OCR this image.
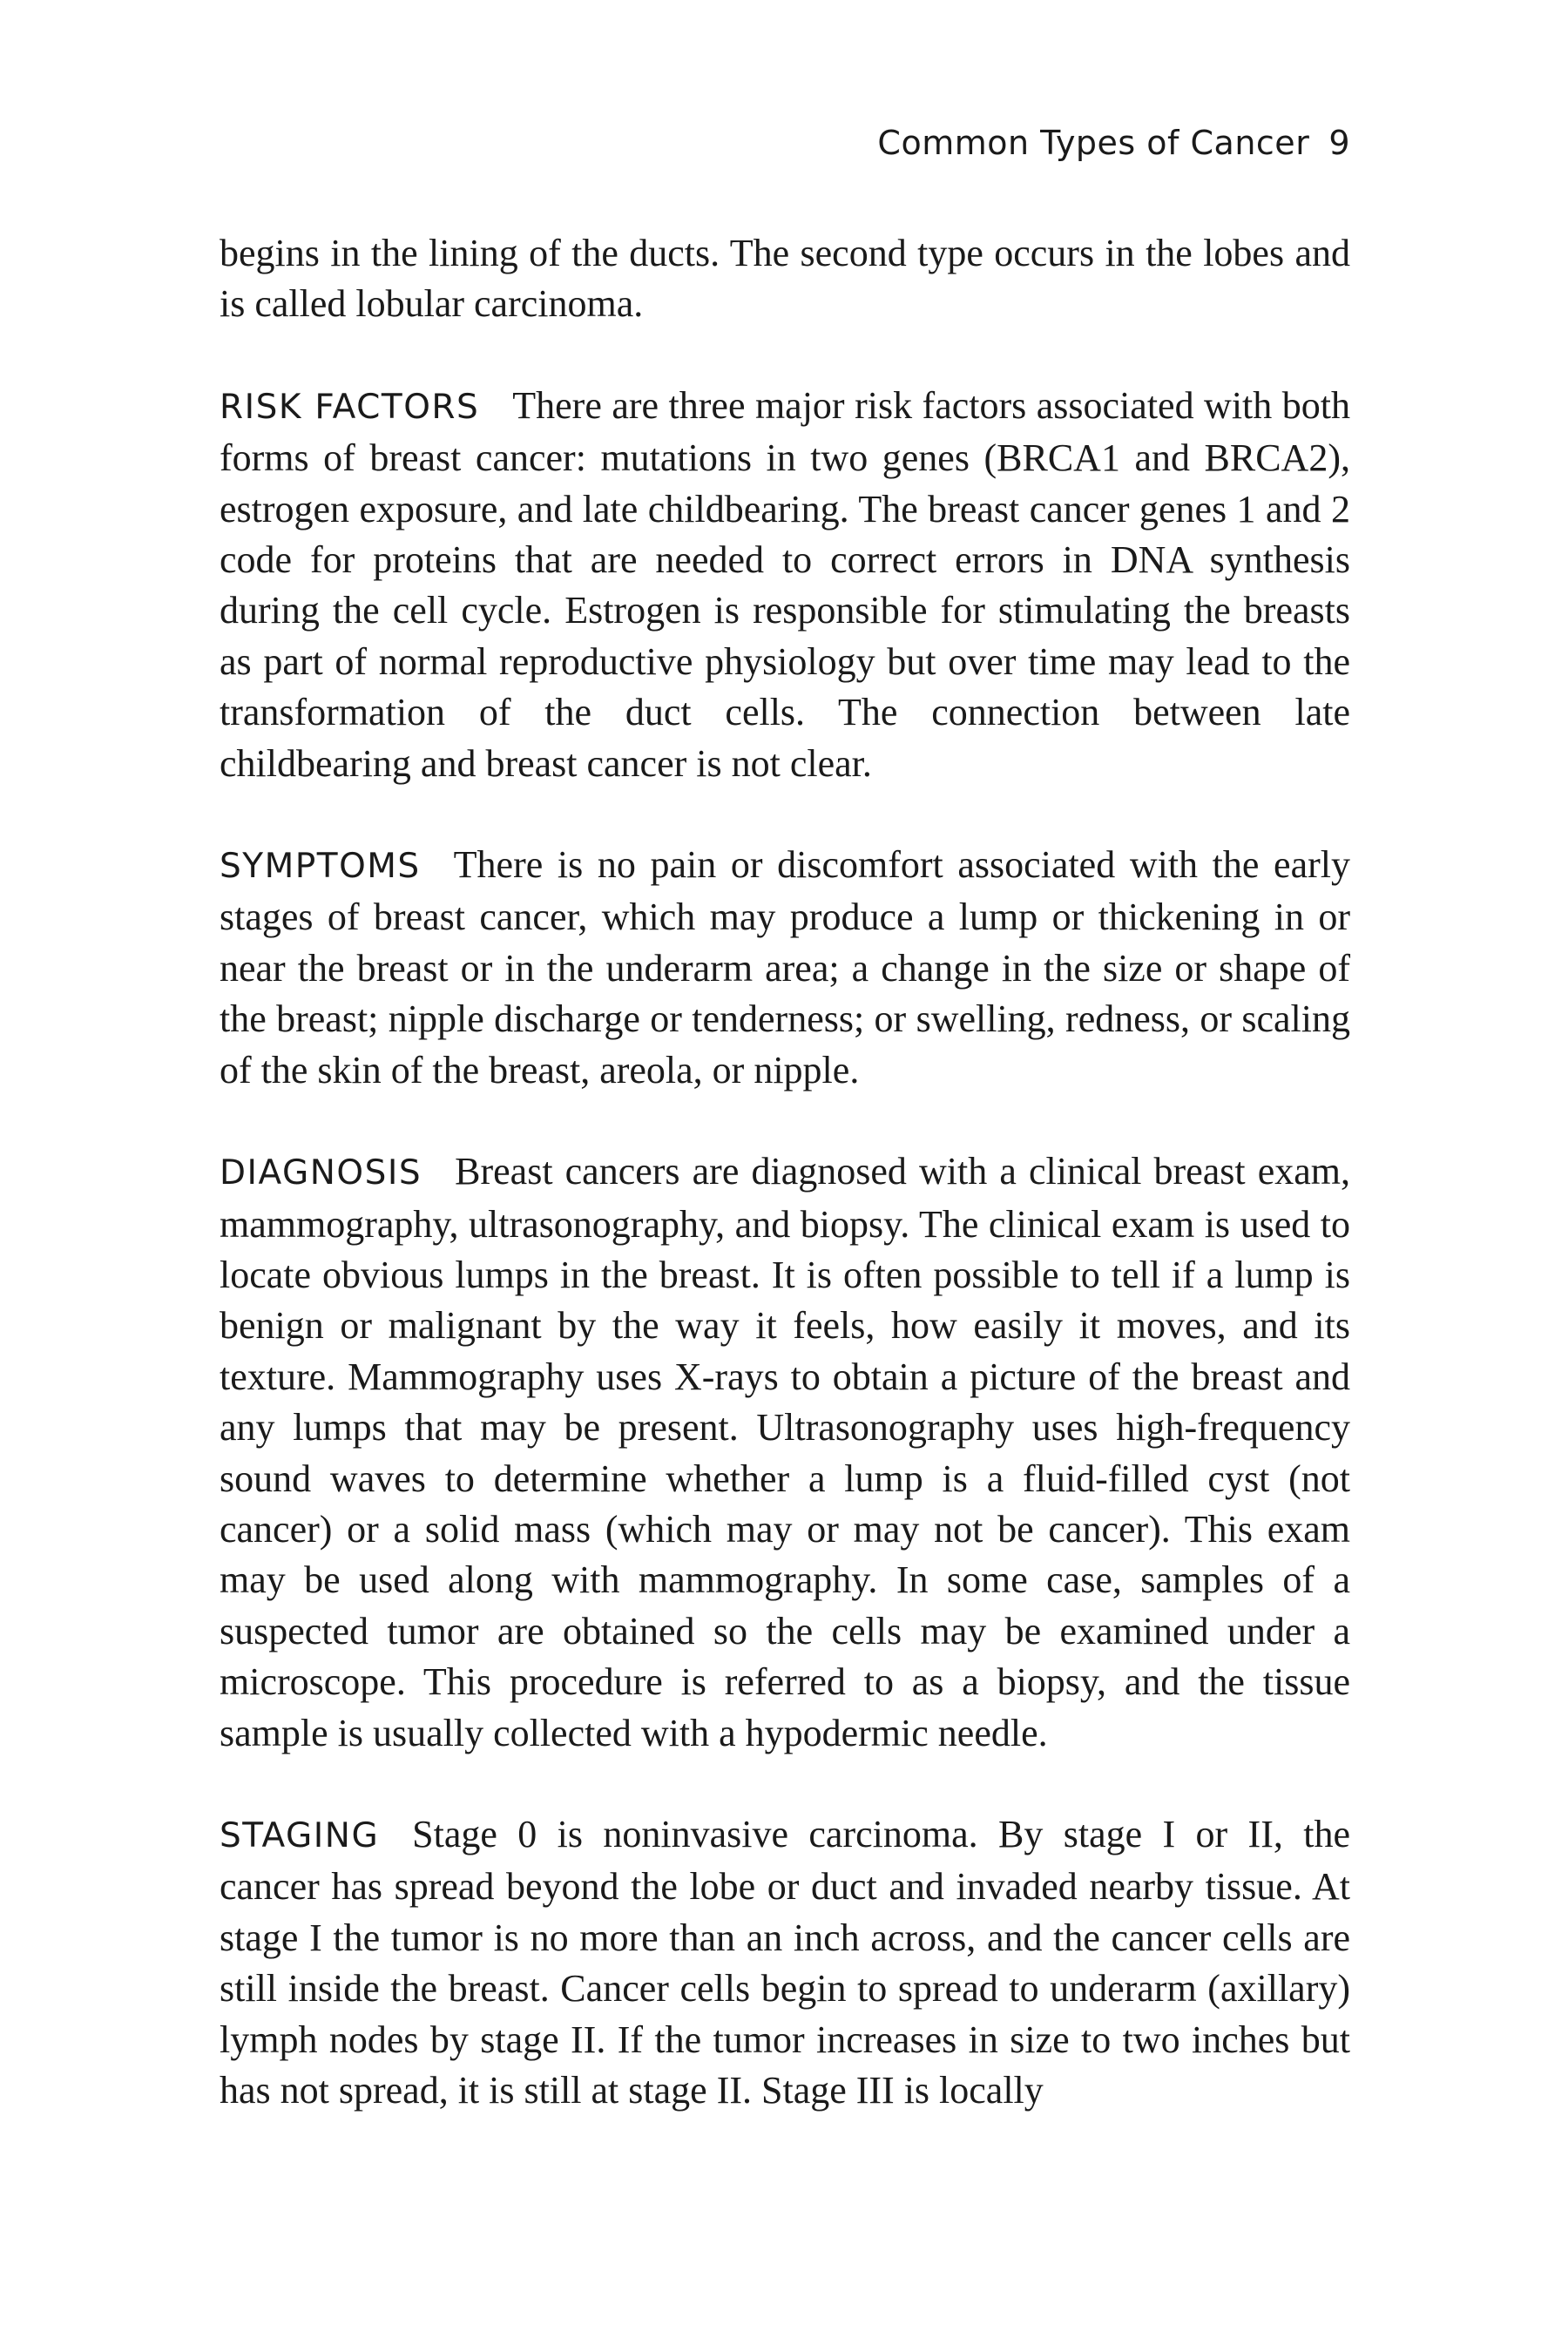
Common Types of Cancer 9

begins in the lining of the ducts. The second type occurs in the lobes and is called lobular carcinoma.

RISK FACTORS There are three major risk factors associated with both forms of breast cancer: mutations in two genes (BRCA1 and BRCA2), estrogen exposure, and late childbearing. The breast cancer genes 1 and 2 code for proteins that are needed to correct errors in DNA synthesis during the cell cycle. Estrogen is responsible for stimulating the breasts as part of normal reproductive physiology but over time may lead to the transformation of the duct cells. The connection between late childbearing and breast cancer is not clear.

SYMPTOMS There is no pain or discomfort associated with the early stages of breast cancer, which may produce a lump or thickening in or near the breast or in the underarm area; a change in the size or shape of the breast; nipple discharge or tenderness; or swelling, redness, or scaling of the skin of the breast, areola, or nipple.

DIAGNOSIS Breast cancers are diagnosed with a clinical breast exam, mammography, ultrasonography, and biopsy. The clinical exam is used to locate obvious lumps in the breast. It is often possible to tell if a lump is benign or malignant by the way it feels, how easily it moves, and its texture. Mammography uses X-rays to obtain a picture of the breast and any lumps that may be present. Ultrasonography uses high-frequency sound waves to determine whether a lump is a fluid-filled cyst (not cancer) or a solid mass (which may or may not be cancer). This exam may be used along with mammography. In some case, samples of a suspected tumor are obtained so the cells may be examined under a microscope. This procedure is referred to as a biopsy, and the tissue sample is usually collected with a hypodermic needle.

STAGING Stage 0 is noninvasive carcinoma. By stage I or II, the cancer has spread beyond the lobe or duct and invaded nearby tissue. At stage I the tumor is no more than an inch across, and the cancer cells are still inside the breast. Cancer cells begin to spread to underarm (axillary) lymph nodes by stage II. If the tumor increases in size to two inches but has not spread, it is still at stage II. Stage III is locally
